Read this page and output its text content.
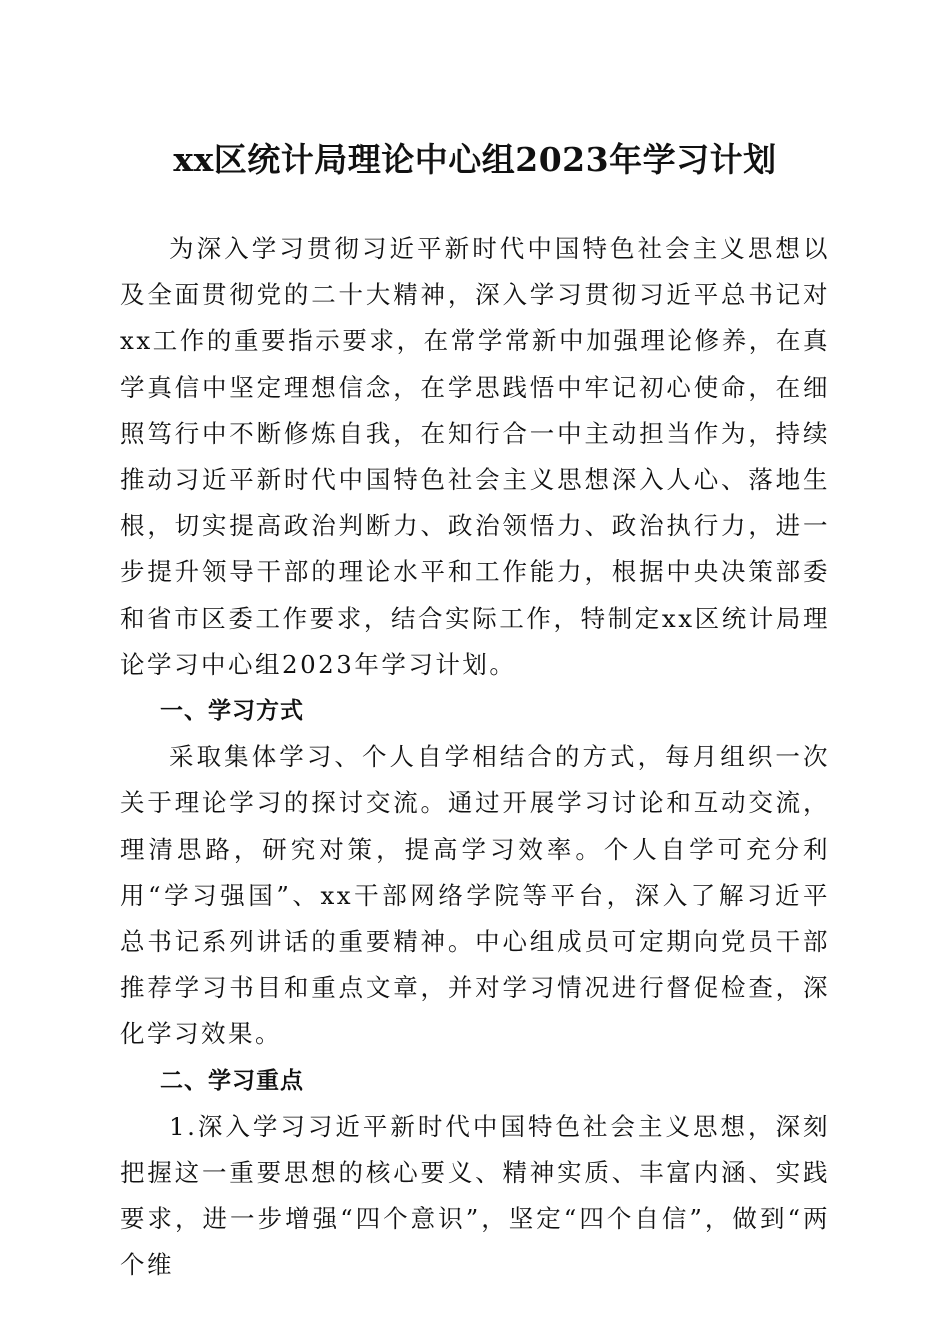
xx区统计局理论中心组2023年学习计划

为深入学习贯彻习近平新时代中国特色社会主义思想以及全面贯彻党的二十大精神，深入学习贯彻习近平总书记对xx工作的重要指示要求，在常学常新中加强理论修养，在真学真信中坚定理想信念，在学思践悟中牢记初心使命，在细照笃行中不断修炼自我，在知行合一中主动担当作为，持续推动习近平新时代中国特色社会主义思想深入人心、落地生根，切实提高政治判断力、政治领悟力、政治执行力，进一步提升领导干部的理论水平和工作能力，根据中央决策部委和省市区委工作要求，结合实际工作，特制定xx区统计局理论学习中心组2023年学习计划。

一、学习方式

采取集体学习、个人自学相结合的方式，每月组织一次关于理论学习的探讨交流。通过开展学习讨论和互动交流，理清思路，研究对策，提高学习效率。个人自学可充分利用“学习强国”、xx干部网络学院等平台，深入了解习近平总书记系列讲话的重要精神。中心组成员可定期向党员干部推荐学习书目和重点文章，并对学习情况进行督促检查，深化学习效果。

二、学习重点

1.深入学习习近平新时代中国特色社会主义思想，深刻把握这一重要思想的核心要义、精神实质、丰富内涵、实践要求，进一步增强“四个意识”，坚定“四个自信”，做到“两个维
